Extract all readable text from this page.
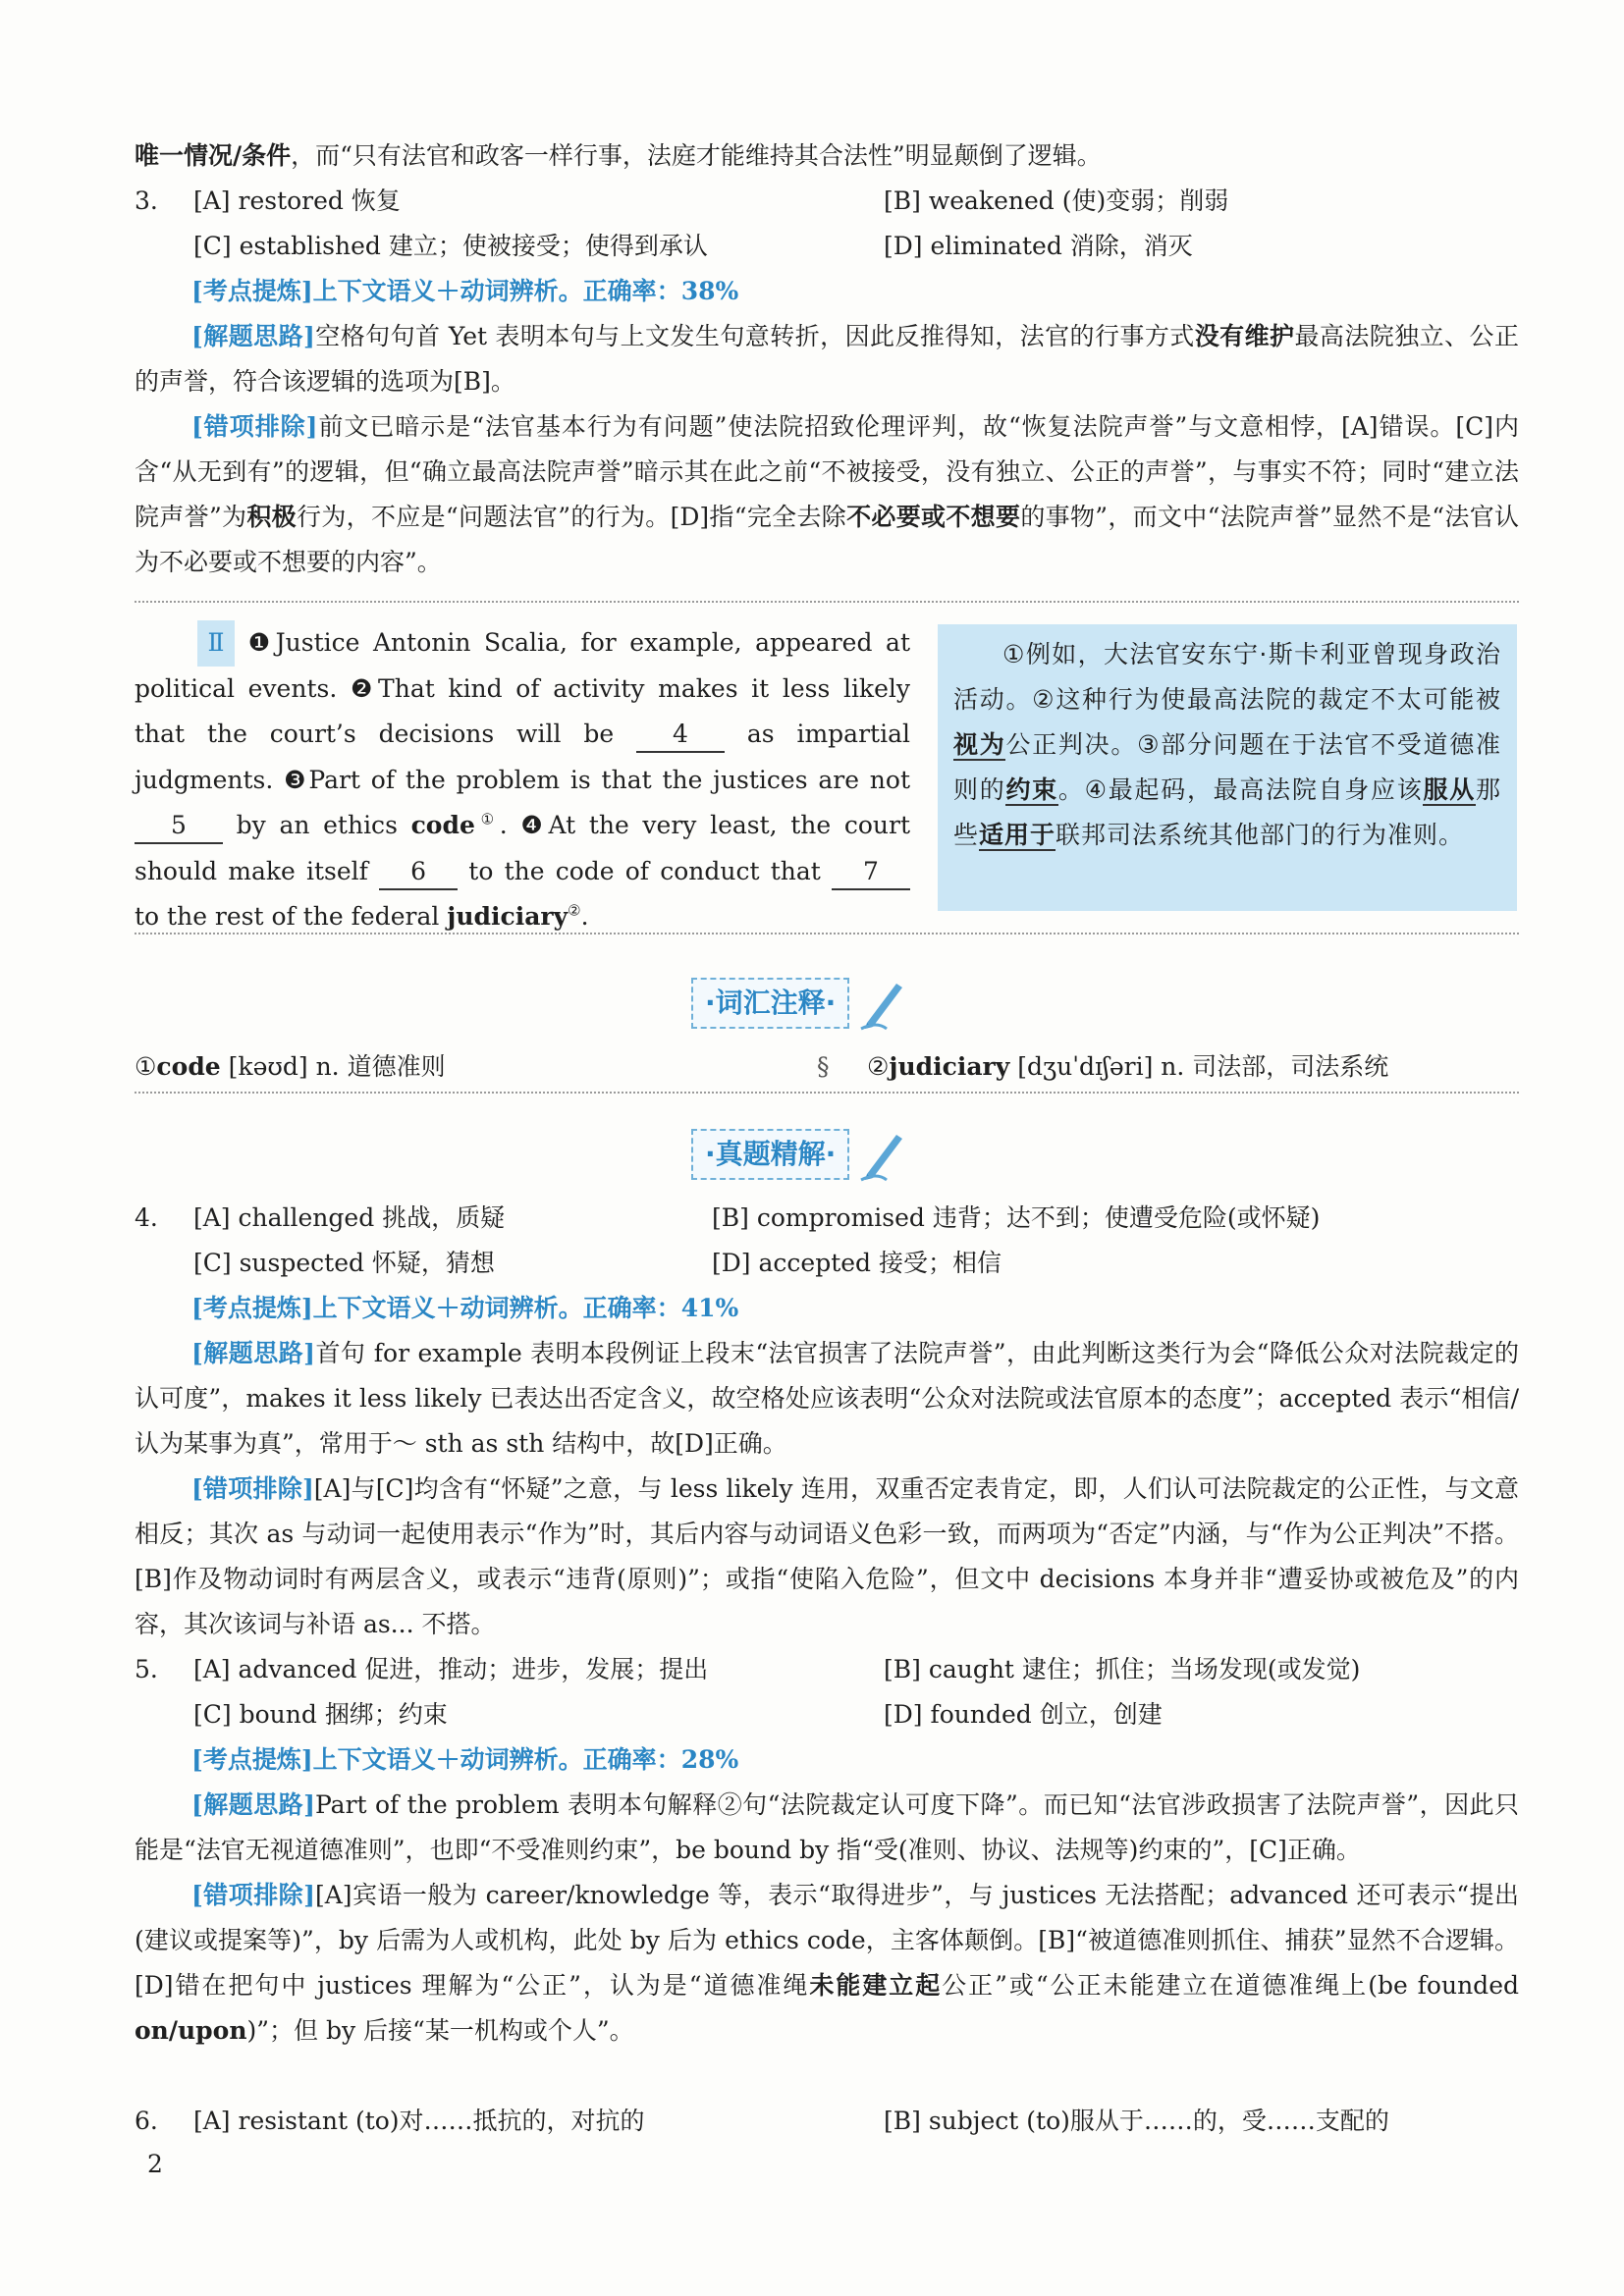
唯一情况/条件，而“只有法官和政客一样行事，法庭才能维持其合法性”明显颠倒了逻辑。

3. [A] restored 恢复	[B] weakened (使)变弱；削弱
[C] established 建立；使被接受；使得到承认	[D] eliminated 消除，消灭
[考点提炼]上下文语义＋动词辨析。正确率：38%

[解题思路]空格句句首 Yet 表明本句与上文发生句意转折，因此反推得知，法官的行事方式没有维护最高法院独立、公正的声誉，符合该逻辑的选项为[B]。

[错项排除]前文已暗示是“法官基本行为有问题”使法院招致伦理评判，故“恢复法院声誉”与文意相悖，[A]错误。[C]内含“从无到有”的逻辑，但“确立最高法院声誉”暗示其在此之前“不被接受，没有独立、公正的声誉”，与事实不符；同时“建立法院声誉”为积极行为，不应是“问题法官”的行为。[D]指“完全去除不必要或不想要的事物”，而文中“法院声誉”显然不是“法官认为不必要或不想要的内容”。

Ⅱ ❶Justice Antonin Scalia, for example, appeared at political events. ❷That kind of activity makes it less likely that the court’s decisions will be 4 as impartial judgments. ❸Part of the problem is that the justices are not 5 by an ethics code①. ❹At the very least, the court should make itself 6 to the code of conduct that 7 to the rest of the federal judiciary②.

①例如，大法官安东宁·斯卡利亚曾现身政治活动。②这种行为使最高法院的裁定不太可能被视为公正判决。③部分问题在于法官不受道德准则的约束。④最起码，最高法院自身应该服从那些适用于联邦司法系统其他部门的行为准则。

·词汇注释·
①code [kəʊd] n. 道德准则	§ ②judiciary [dʒuˈdɪʃəri] n. 司法部，司法系统
·真题精解·
4. [A] challenged 挑战，质疑	[B] compromised 违背；达不到；使遭受危险(或怀疑)
[C] suspected 怀疑，猜想	[D] accepted 接受；相信
[考点提炼]上下文语义＋动词辨析。正确率：41%

[解题思路]首句 for example 表明本段例证上段末“法官损害了法院声誉”，由此判断这类行为会“降低公众对法院裁定的认可度”，makes it less likely 已表达出否定含义，故空格处应该表明“公众对法院或法官原本的态度”；accepted 表示“相信/认为某事为真”，常用于～ sth as sth 结构中，故[D]正确。

[错项排除][A]与[C]均含有“怀疑”之意，与 less likely 连用，双重否定表肯定，即，人们认可法院裁定的公正性，与文意相反；其次 as 与动词一起使用表示“作为”时，其后内容与动词语义色彩一致，而两项为“否定”内涵，与“作为公正判决”不搭。[B]作及物动词时有两层含义，或表示“违背(原则)”；或指“使陷入危险”，但文中 decisions 本身并非“遭妥协或被危及”的内容，其次该词与补语 as... 不搭。

5. [A] advanced 促进，推动；进步，发展；提出	[B] caught 逮住；抓住；当场发现(或发觉)
[C] bound 捆绑；约束	[D] founded 创立，创建
[考点提炼]上下文语义＋动词辨析。正确率：28%

[解题思路]Part of the problem 表明本句解释②句“法院裁定认可度下降”。而已知“法官涉政损害了法院声誉”，因此只能是“法官无视道德准则”，也即“不受准则约束”，be bound by 指“受(准则、协议、法规等)约束的”，[C]正确。

[错项排除][A]宾语一般为 career/knowledge 等，表示“取得进步”，与 justices 无法搭配；advanced 还可表示“提出(建议或提案等)”，by 后需为人或机构，此处 by 后为 ethics code，主客体颠倒。[B]“被道德准则抓住、捕获”显然不合逻辑。[D]错在把句中 justices 理解为“公正”，认为是“道德准绳未能建立起公正”或“公正未能建立在道德准绳上(be founded on/upon)”；但 by 后接“某一机构或个人”。

6. [A] resistant (to)对……抵抗的，对抗的	[B] subject (to)服从于……的，受……支配的
2
